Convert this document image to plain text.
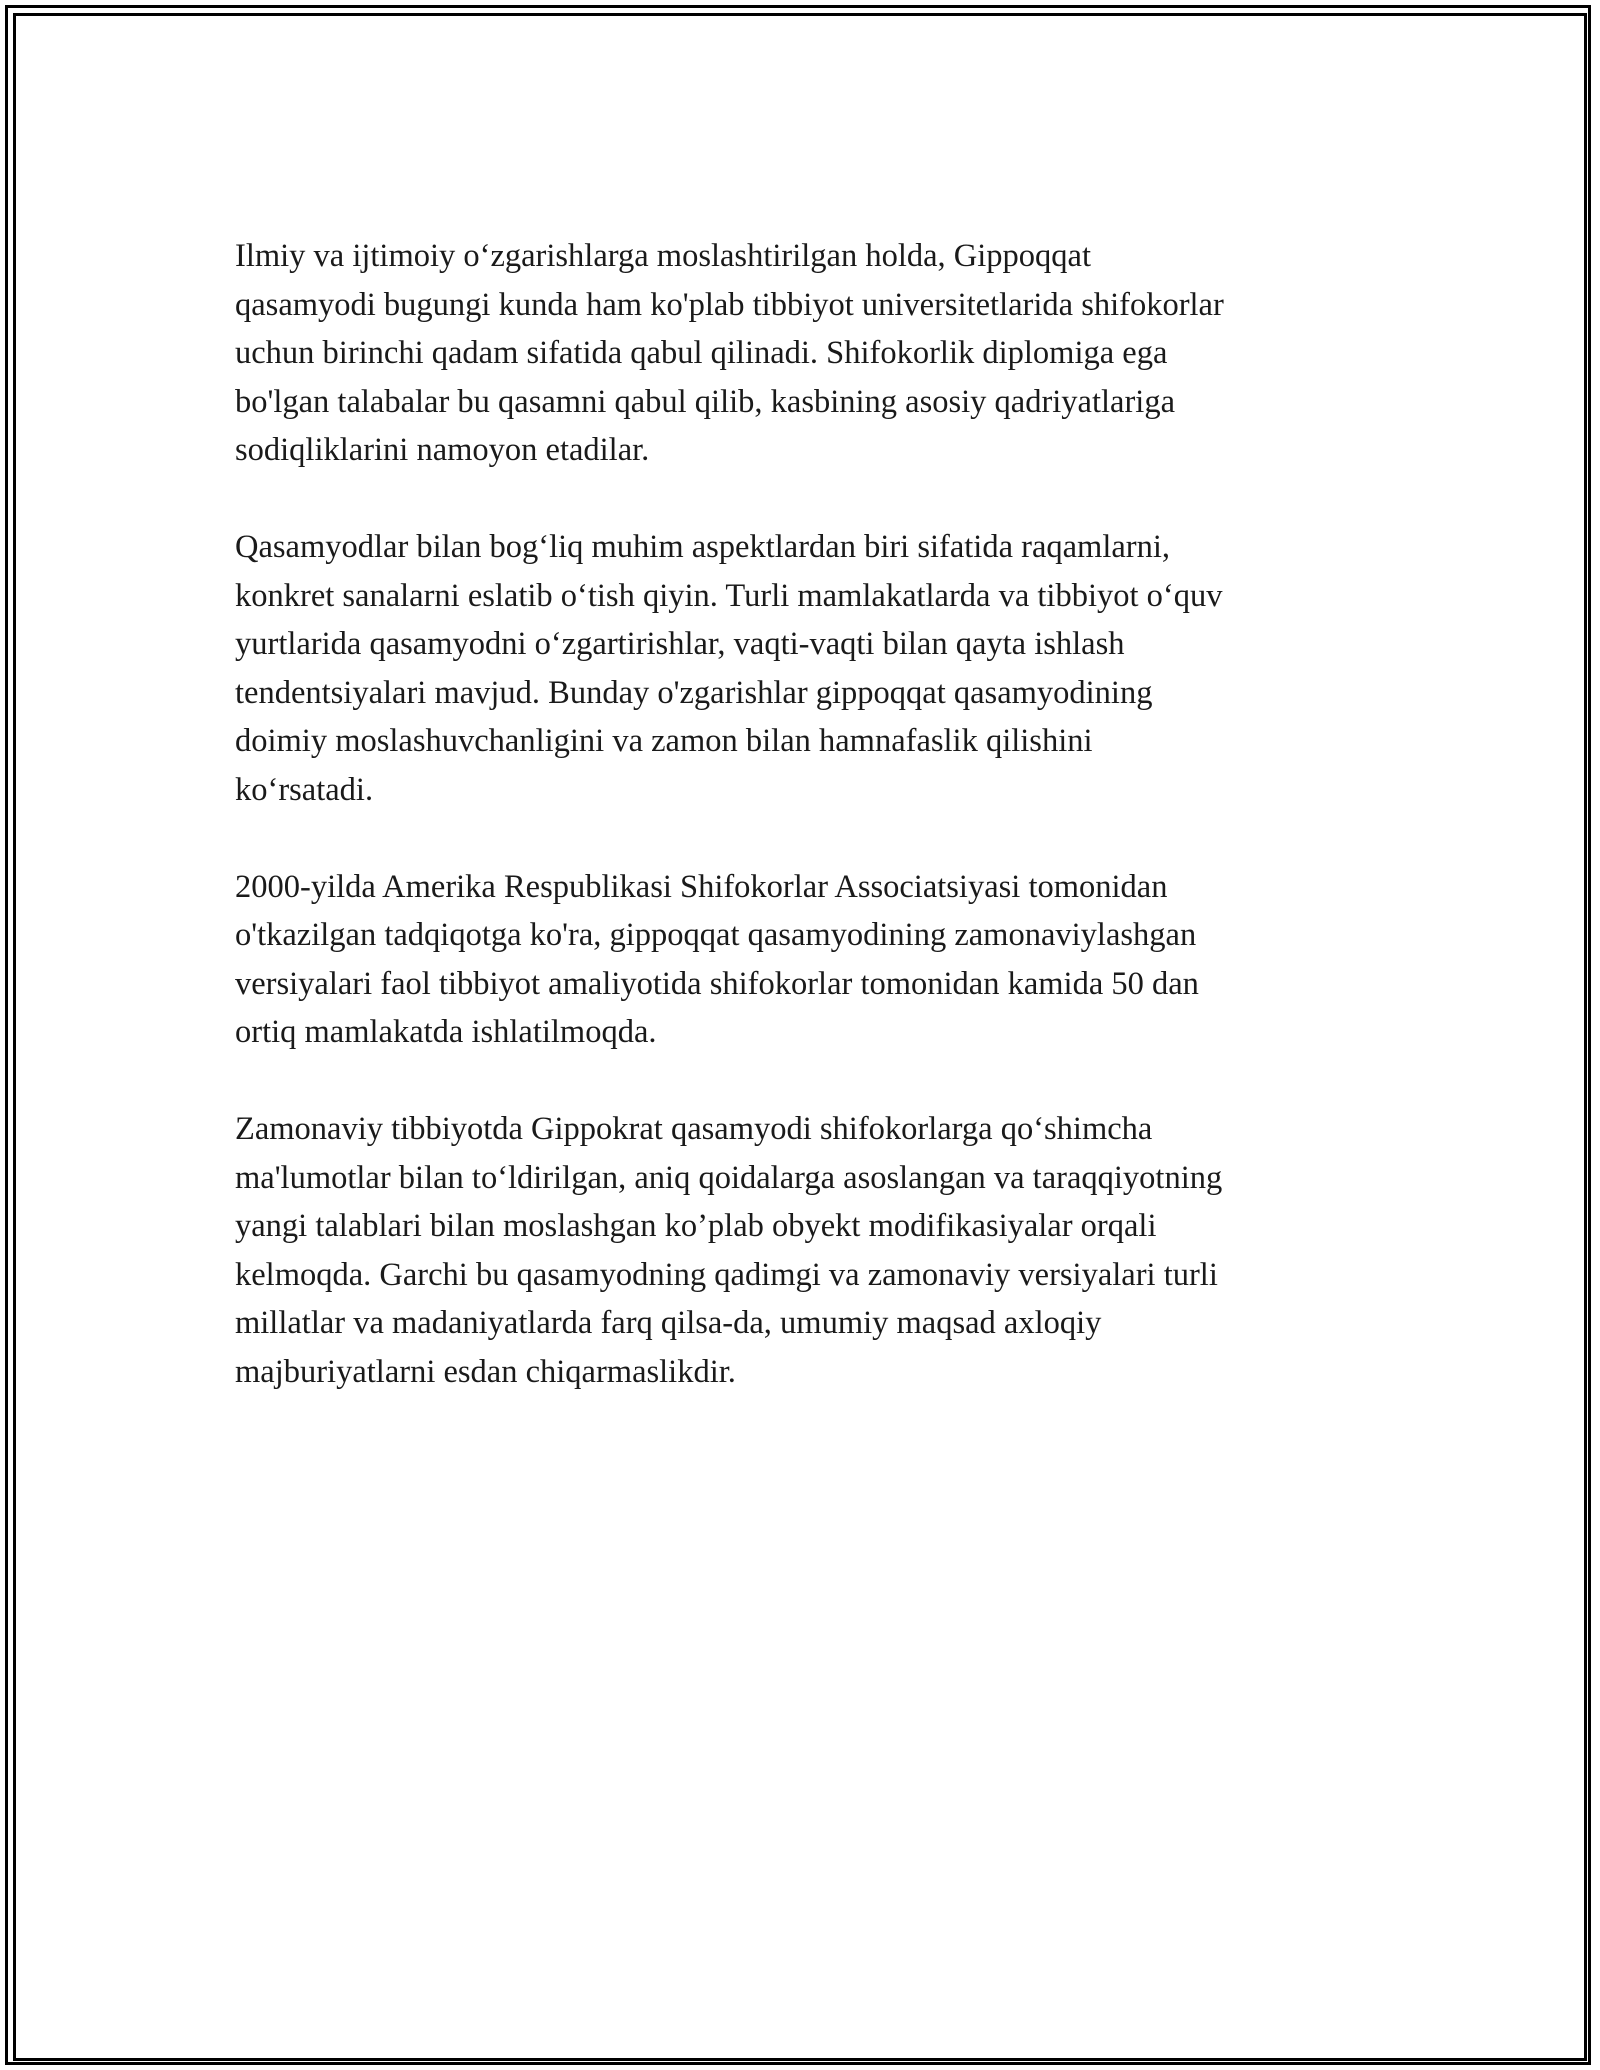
Ilmiy va ijtimoiy o‘zgarishlarga moslashtirilgan holda, Gippoqqat
qasamyodi bugungi kunda ham ko'plab tibbiyot universitetlarida shifokorlar
uchun birinchi qadam sifatida qabul qilinadi. Shifokorlik diplomiga ega
bo'lgan talabalar bu qasamni qabul qilib, kasbining asosiy qadriyatlariga
sodiqliklarini namoyon etadilar.

Qasamyodlar bilan bog‘liq muhim aspektlardan biri sifatida raqamlarni,
konkret sanalarni eslatib o‘tish qiyin. Turli mamlakatlarda va tibbiyot o‘quv
yurtlarida qasamyodni o‘zgartirishlar, vaqti-vaqti bilan qayta ishlash
tendentsiyalari mavjud. Bunday o'zgarishlar gippoqqat qasamyodining
doimiy moslashuvchanligini va zamon bilan hamnafaslik qilishini
ko‘rsatadi.

2000-yilda Amerika Respublikasi Shifokorlar Associatsiyasi tomonidan
o'tkazilgan tadqiqotga ko'ra, gippoqqat qasamyodining zamonaviylashgan
versiyalari faol tibbiyot amaliyotida shifokorlar tomonidan kamida 50 dan
ortiq mamlakatda ishlatilmoqda.

Zamonaviy tibbiyotda Gippokrat qasamyodi shifokorlarga qo‘shimcha
ma'lumotlar bilan to‘ldirilgan, aniq qoidalarga asoslangan va taraqqiyotning
yangi talablari bilan moslashgan ko’plab obyekt modifikasiyalar orqali
kelmoqda. Garchi bu qasamyodning qadimgi va zamonaviy versiyalari turli
millatlar va madaniyatlarda farq qilsa-da, umumiy maqsad axloqiy
majburiyatlarni esdan chiqarmaslikdir.
